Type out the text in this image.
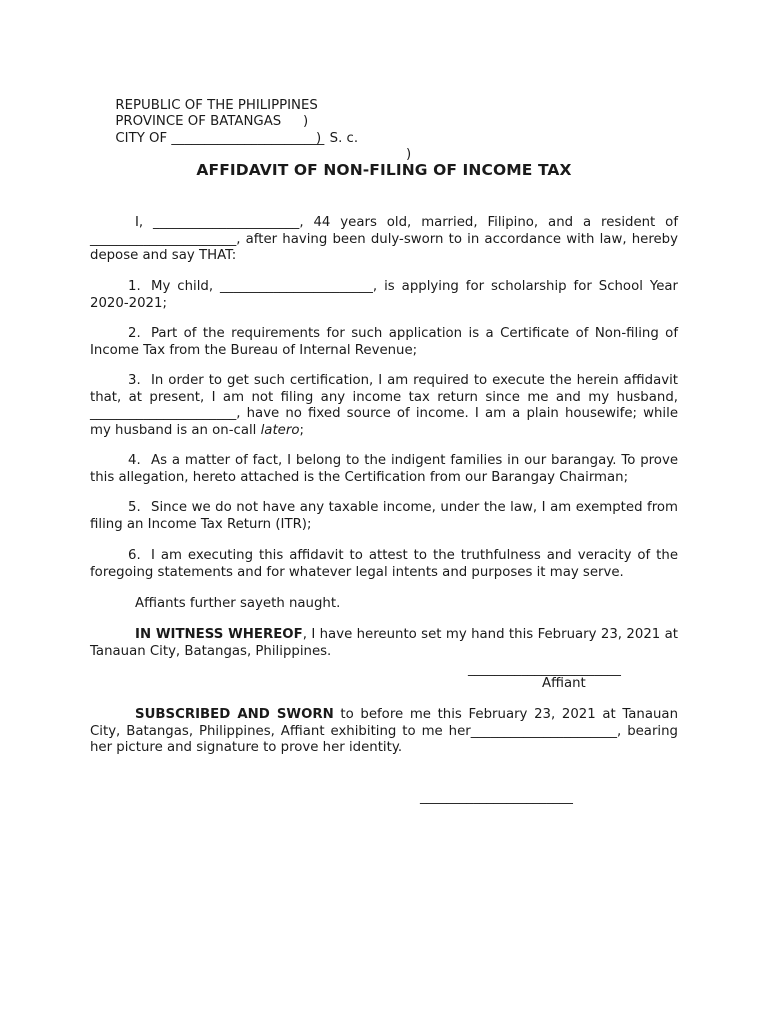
REPUBLIC OF THE PHILIPPINES

)

PROVINCE OF BATANGAS

)  S. c.

CITY OF _______________________

)

AFFIDAVIT OF NON-FILING OF INCOME TAX

I, ______________________, 44 years old, married, Filipino, and a resident of ______________________, after having been duly-sworn to in accordance with law, hereby depose and say THAT:

1. My child, _______________________, is applying for scholarship for School Year 2020-2021;

2. Part of the requirements for such application is a Certificate of Non-filing of Income Tax from the Bureau of Internal Revenue;

3. In order to get such certification, I am required to execute the herein affidavit that, at present, I am not filing any income tax return since me and my husband, ______________________, have no fixed source of income. I am a plain housewife; while my husband is an on-call latero;

4. As a matter of fact, I belong to the indigent families in our barangay. To prove this allegation, hereto attached is the Certification from our Barangay Chairman;

5. Since we do not have any taxable income, under the law, I am exempted from filing an Income Tax Return (ITR);

6. I am executing this affidavit to attest to the truthfulness and veracity of the foregoing statements and for whatever legal intents and purposes it may serve.

Affiants further sayeth naught.

IN WITNESS WHEREOF, I have hereunto set my hand this February 23, 2021 at Tanauan City, Batangas, Philippines.

_______________________
Affiant

SUBSCRIBED AND SWORN to before me this February 23, 2021 at Tanauan City, Batangas, Philippines, Affiant exhibiting to me her______________________, bearing her picture and signature to prove her identity.

_______________________
